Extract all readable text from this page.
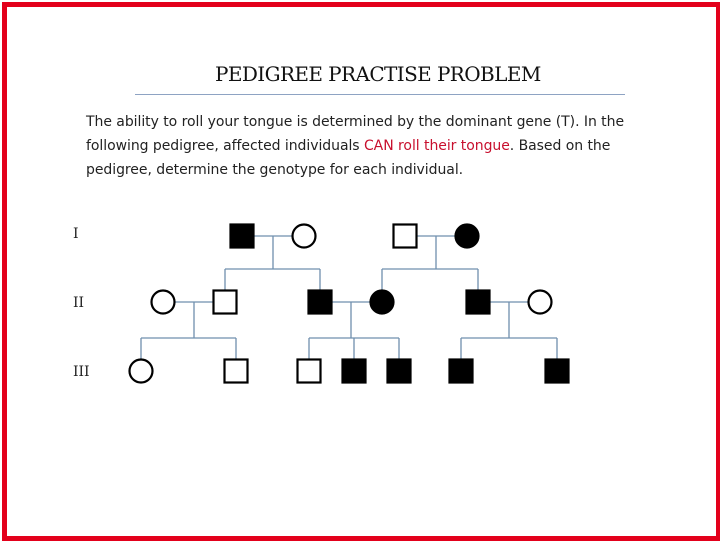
PEDIGREE PRACTISE PROBLEM
The ability to roll your tongue is determined by the dominant gene (T). In the following pedigree, affected individuals CAN roll their tongue. Based on the pedigree, determine the genotype for each individual.
I
II
III
